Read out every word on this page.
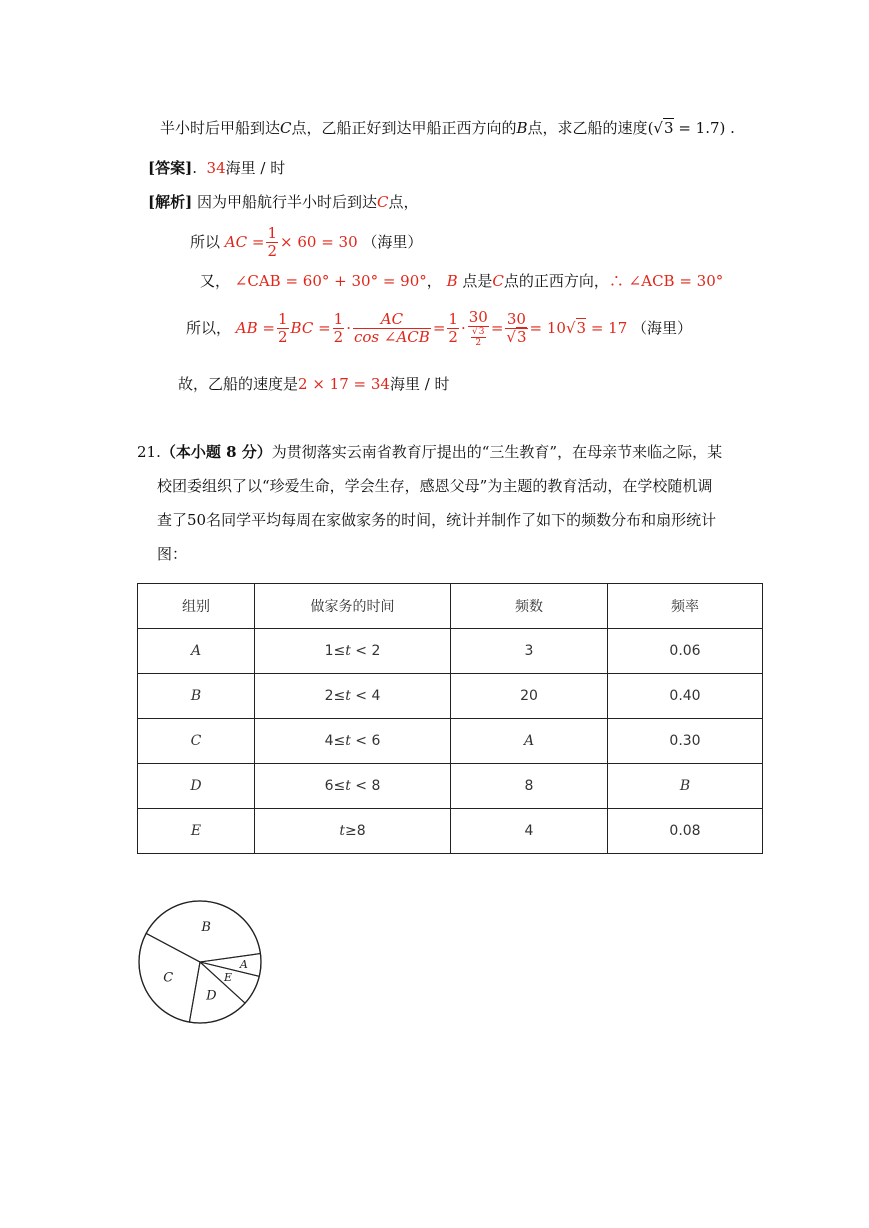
半小时后甲船到达C点，乙船正好到达甲船正西方向的B点，求乙船的速度(√3 = 1.7) .
[答案]. 34海里 / 时
[解析] 因为甲船航行半小时后到达C点，
所以
AC = $\frac{1}{2} \times 60 = 30$
（海里）
又， ∠CAB = 60° + 30° = 90°， B 点是C点的正西方向，∴ ∠ACB = 30°
所以，
AB = $\frac{1}{2}$ BC = $\frac{1}{2} \cdot \frac{AC}{\text{cos ∠ACB}} = \frac{1}{2} \cdot \frac{30}{\frac{√3}{2}} = \frac{30}{√3} = 10$ √3
= 17
（海里）
故，乙船的速度是2 × 17 = 34海里 / 时
21.（本小题 8 分）为贯彻落实云南省教育厅提出的“三生教育”，在母亲节来临之际，某
校团委组织了以“珍爱生命，学会生存，感恩父母”为主题的教育活动，在学校随机调
查了50名同学平均每周在家做家务的时间，统计并制作了如下的频数分布和扇形统计
图：
组别	做家务的时间	频数	频率
A	1≤t < 2	3	0.06
B	2≤t < 4	20	0.40
C	4≤t < 6	A	0.30
D	6≤t < 8	8	B
E	t≥8	4	0.08
B
C
D
E
A
